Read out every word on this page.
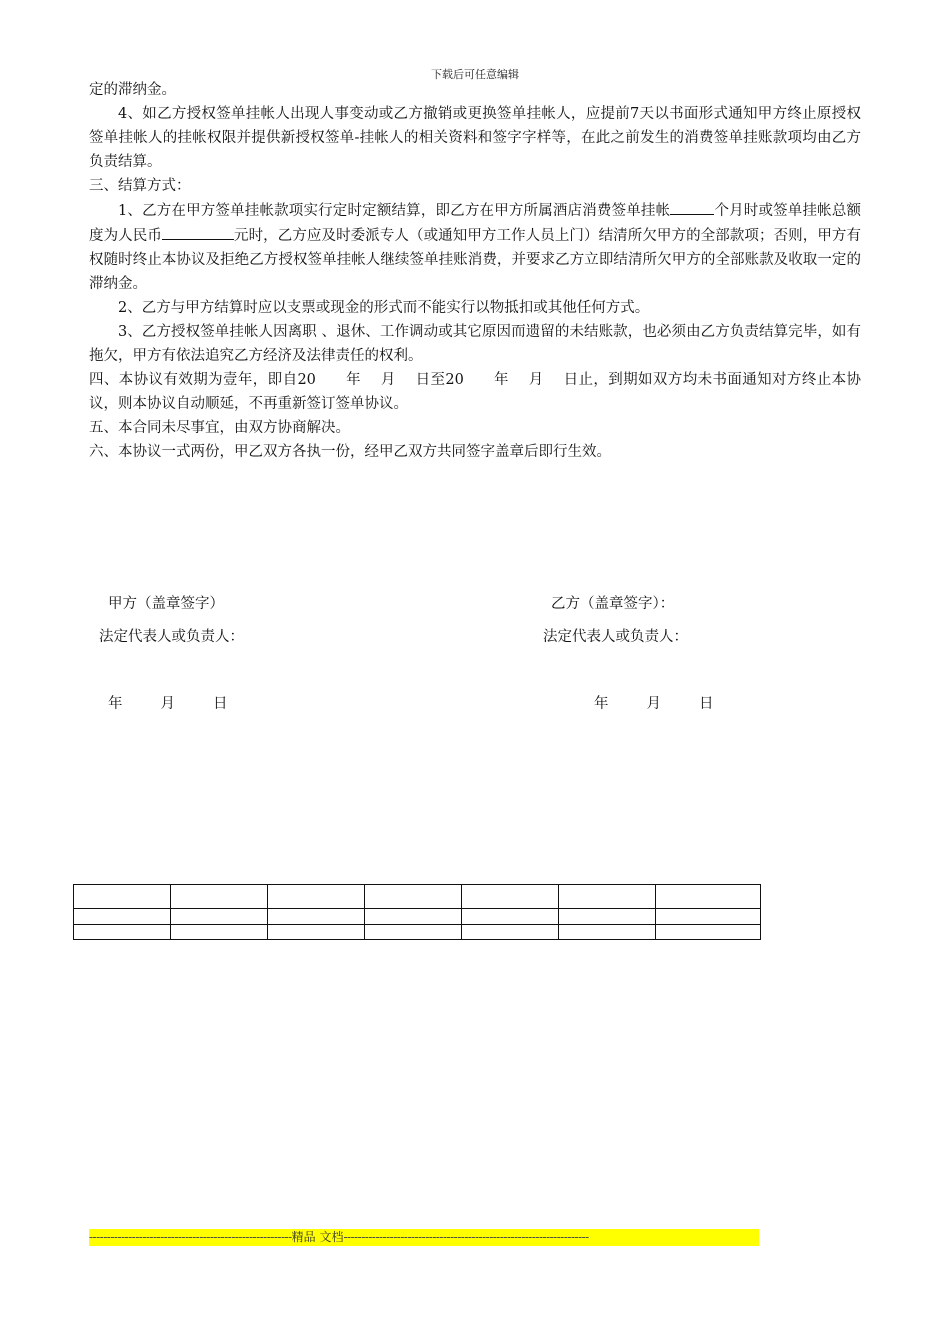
下载后可任意编辑

定的滞纳金。

4、如乙方授权签单挂帐人出现人事变动或乙方撤销或更换签单挂帐人，应提前7天以书面形式通知甲方终止原授权签单挂帐人的挂帐权限并提供新授权签单-挂帐人的相关资料和签字字样等，在此之前发生的消费签单挂账款项均由乙方负责结算。

三、结算方式：

1、乙方在甲方签单挂帐款项实行定时定额结算，即乙方在甲方所属酒店消费签单挂帐	个月时或签单挂帐总额度为人民币	元时，乙方应及时委派专人（或通知甲方工作人员上门）结清所欠甲方的全部款项；否则，甲方有权随时终止本协议及拒绝乙方授权签单挂帐人继续签单挂账消费，并要求乙方立即结清所欠甲方的全部账款及收取一定的滞纳金。

2、乙方与甲方结算时应以支票或现金的形式而不能实行以物抵扣或其他任何方式。

3、乙方授权签单挂帐人因离职 、退休、工作调动或其它原因而遗留的未结账款，也必须由乙方负责结算完毕，如有拖欠，甲方有依法追究乙方经济及法律责任的权利。

四、本协议有效期为壹年，即自20　　年　 月　 日至20　　年　 月　 日止，到期如双方均未书面通知对方终止本协议，则本协议自动顺延，不再重新签订签单协议。

五、本合同未尽事宜，由双方协商解决。

六、本协议一式两份，甲乙双方各执一份，经甲乙双方共同签字盖章后即行生效。

甲方（盖章签字）
法定代表人或负责人：
乙方（盖章签字）：
法定代表人或负责人：
年	月	日	年	月	日

---------------------------------------------------------精品 文档---------------------------------------------------------------------
